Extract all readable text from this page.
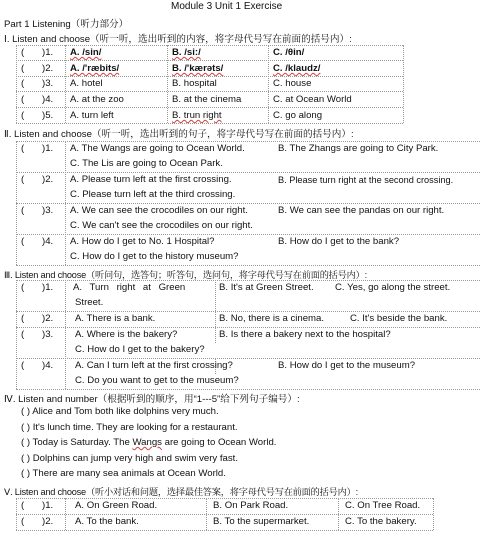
Module 3 Unit 1 Exercise
Part 1 Listening（听力部分）
Ⅰ. Listen and choose（听一听，选出听到的内容，将字母代号写在前面的括号内）:
( )1. A. /sin/	B. /si:/	C. /θin/
( )2. A. /'ræbits/	B. /'kærəts/	C. /klaudz/
( )3. A. hotel	B. hospital	C. house
( )4. A. at the zoo	B. at the cinema	C. at Ocean World
( )5. A. turn left	B. trun right	C. go along
Ⅱ. Listen and choose（听一听，选出听到的句子，将字母代号写在前面的括号内）:
( )1. A. The Wangs are going to Ocean World.	B. The Zhangs are going to City Park.
C. The Lis are going to Ocean Park.
( )2. A. Please turn left at the first crossing.	B. Please turn right at the second crossing.
C. Please turn left at the third crossing.
( )3. A. We can see the crocodiles on our right.	B. We can see the pandas on our right.
C. We can't see the crocodiles on our right.
( )4. A. How do I get to No. 1 Hospital?	B. How do I get to the bank?
C. How do I get to the history museum?
Ⅲ. Listen and choose（听问句，选答句；听答句，选问句，将字母代号写在前面的括号内）:
( )1. A. Turn right at Green
Street.
B. It's at Green Street. C. Yes, go along the street.
( )2. A. There is a bank.	B. No, there is a cinema.	C. It's beside the bank.
( )3. A. Where is the bakery?	B. Is there a bakery next to the hospital?
C. How do I get to the bakery?
( )4. A. Can I turn left at the first crossing?	B. How do I get to the museum?
C. Do you want to get to the museum?
Ⅳ. Listen and number（根据听到的顺序，用“1---5”给下列句子编号）:
( ) Alice and Tom both like dolphins very much.
( ) It's lunch time. They are looking for a restaurant.
( ) Today is Saturday. The Wangs are going to Ocean World.
( ) Dolphins can jump very high and swim very fast.
( ) There are many sea animals at Ocean World.
Ⅴ. Listen and choose（听小对话和问题，选择最佳答案，将字母代号写在前面的括号内）:
( )1. A. On Green Road.	B. On Park Road.	C. On Tree Road.
( )2. A. To the bank.	B. To the supermarket.	C. To the bakery.
